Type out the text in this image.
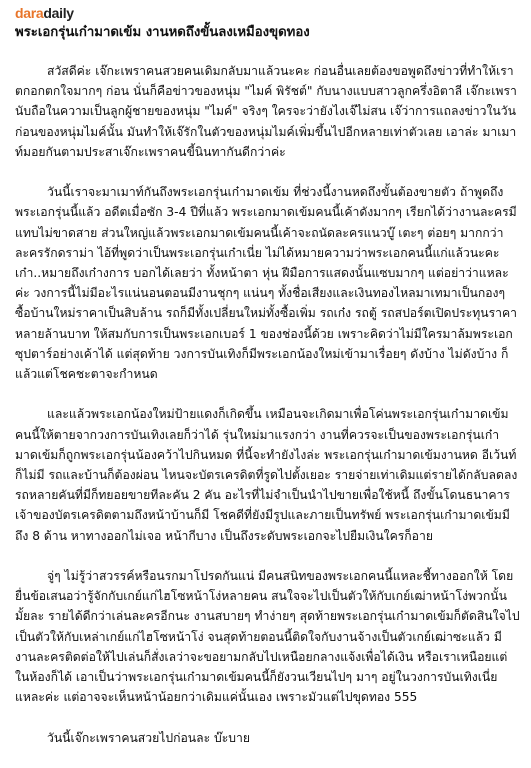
daradaily
พระเอกรุ่นเก๋ามาดเข้ม งานหดถึงขั้นลงเหมืองขุดทอง

สวัสดีค่ะ เจ๊กะเพราคนสวยคนเดิมกลับมาแล้วนะคะ ก่อนอื่นเลยต้องขอพูดถึงข่าวที่ทำให้เราตกอกตกใจมากๆ ก่อน นั่นก็คือข่าวของหนุ่ม "ไมค์ พิรัชต์" กับนางแบบสาวลูกครึ่งอิตาลี เจ๊กะเพรานับถือในความเป็นลูกผู้ชายของหนุ่ม "ไมค์" จริงๆ ใครจะว่ายังไงเจ๊ไม่สน เจ๊ว่าการแถลงข่าวในวันก่อนของหนุ่มไมค์นั้น มันทำให้เจ๊รักในตัวของหนุ่มไมค์เพิ่มขึ้นไปอีกหลายเท่าตัวเลย เอาล่ะ มาเมาท์มอยกันตามประสาเจ๊กะเพราคนขี้นินทากันดีกว่าค่ะ

วันนี้เราจะมาเมาท์กันถึงพระเอกรุ่นเก๋ามาดเข้ม ที่ช่วงนี้งานหดถึงขั้นต้องขายตัว ถ้าพูดถึงพระเอกรุ่นนี้แล้ว อดีตเมื่อซัก 3-4 ปีที่แล้ว พระเอกมาดเข้มคนนี้เค้าดังมากๆ เรียกได้ว่างานละครมีแทบไม่ขาดสาย ส่วนใหญ่แล้วพระเอกมาดเข้มคนนี้เค้าจะถนัดละครแนวบู๊ เตะๆ ต่อยๆ มากกว่าละครรักดราม่า ไอ้ที่พูดว่าเป็นพระเอกรุ่นเก๋าเนี่ย ไม่ได้หมายความว่าพระเอกคนนี้แก่แล้วนะคะ เก๋า..หมายถึงเก๋างการ บอกได้เลยว่า ทั้งหน้าตา หุ่น ฝีมือการแสดงนั้นแซบมากๆ แต่อย่าว่าแหละค่ะ วงการนี้ไม่มีอะไรแน่นอนตอนมีงานชุกๆ แน่นๆ ทั้งชื่อเสียงและเงินทองไหลมาเทมาเป็นกองๆ ซื้อบ้านใหม่ราคาเป็นสิบล้าน รถก็มีทั้งเปลี่ยนใหม่ทั้งซื้อเพิ่ม รถเก๋ง รถตู้ รถสปอร์ตเปิดประทุนราคาหลายล้านบาท ให้สมกับการเป็นพระเอกเบอร์ 1 ของช่องนี้ด้วย เพราะคิดว่าไม่มีใครมาล้มพระเอกซุปตาร์อย่างเค้าได้ แต่สุดท้าย วงการบันเทิงก็มีพระเอกน้องใหม่เข้ามาเรื่อยๆ ดังบ้าง ไม่ดังบ้าง ก็แล้วแต่โชคชะตาจะกำหนด

และแล้วพระเอกน้องใหม่ป้ายแดงก็เกิดขึ้น เหมือนจะเกิดมาเพื่อโค่นพระเอกรุ่นเก๋ามาดเข้มคนนี้ให้ตายจากวงการบันเทิงเลยก็ว่าได้ รุ่นใหม่มาแรงกว่า งานที่ควรจะเป็นของพระเอกรุ่นเก๋ามาดเข้มก็ถูกพระเอกรุ่นน้องคว้าไปกินหมด ที่นี้จะทำยังไงล่ะ พระเอกรุ่นเก๋ามาดเข้มงานหด อีเว้นท์ก็ไม่มี รถและบ้านก็ต้องผ่อน ไหนจะบัตรเครดิตที่รูดไปตั้งเยอะ รายจ่ายเท่าเดิมแต่รายได้กลับลดลง รถหลายคันที่มีก็ทยอยขายทีละคัน 2 คัน อะไรที่ไม่จำเป็นนำไปขายเพื่อใช้หนี้ ถึงขั้นโดนธนาคารเจ้าของบัตรเครดิตตามถึงหน้าบ้านก็มี โชคดีที่ยังมีรูปและภายเป็นทรัพย์ พระเอกรุ่นเก๋ามาดเข้มมีถึง 8 ด้าน หาทางออกไม่เจอ หน้ากีบาง เป็นถึงระดับพระเอกจะไปยืมเงินใครก็อาย

จู่ๆ ไม่รู้ว่าสวรรค์หรือนรกมาโปรดกันแน่ มีคนสนิทของพระเอกคนนี้แหละชี้ทางออกให้ โดยยื่นข้อเสนอว่ารู้จักกับเกย์แก่ไฮโซหน้าโง่หลายคน สนใจจะไปเป็นตัวให้กับเกย์เฒ่าหน้าโง่พวกนั้นมั้ยละ รายได้ดีกว่าเล่นละครอีกนะ งานสบายๆ ทำง่ายๆ สุดท้ายพระเอกรุ่นเก๋ามาดเข้มก็ตัดสินใจไปเป็นตัวให้กับเหล่าเกย์แก่ไฮโซหน้าโง่ จนสุดท้ายตอนนี้ติดใจกับงานจ้างเป็นตัวเกย์เฒ่าซะแล้ว มีงานละครติดต่อให้ไปเล่นก็สั่งเลว่าจะขอยามกลับไปเหนือยกลางแจ้งเพื่อได้เงิน หรือเราเหนือยแต่ในห้องก็ได้ เอาเป็นว่าพระเอกรุ่นเก๋ามาดเข้มคนนี้ก็ยังวนเวียนไปๆ มาๆ อยู่ในวงการบันเทิงเนี่ยแหละค่ะ แต่อาจจะเห็นหน้าน้อยกว่าเดิมแค่นั้นเอง เพราะมัวแต่ไปขุดทอง 555

วันนี้เจ๊กะเพราคนสวยไปก่อนละ บ๊ะบาย
